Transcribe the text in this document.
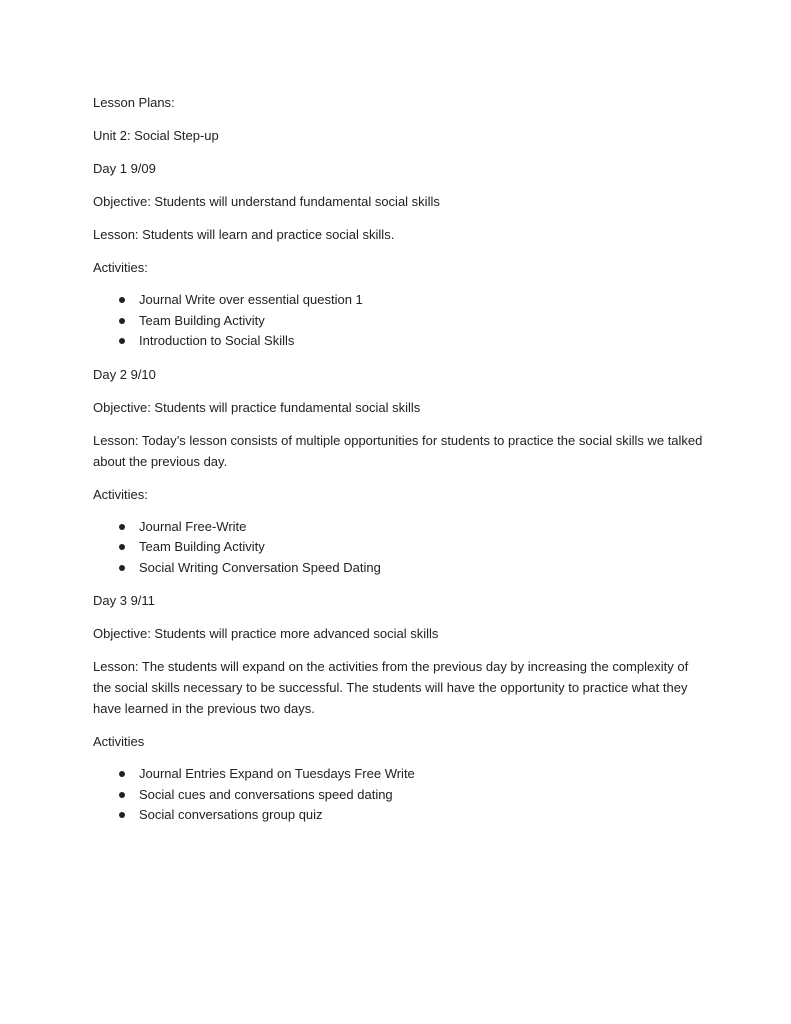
Lesson Plans:

Unit 2: Social Step-up

Day 1 9/09

Objective: Students will understand fundamental social skills

Lesson: Students will learn and practice social skills.

Activities:

Journal Write over essential question 1
Team Building Activity
Introduction to Social Skills

Day 2 9/10

Objective: Students will practice fundamental social skills

Lesson: Today’s lesson consists of multiple opportunities for students to practice the social skills we talked about the previous day.

Activities:

Journal Free-Write
Team Building Activity
Social Writing Conversation Speed Dating

Day 3 9/11

Objective: Students will practice more advanced social skills

Lesson: The students will expand on the activities from the previous day by increasing the complexity of the social skills necessary to be successful. The students will have the opportunity to practice what they have learned in the previous two days.

Activities

Journal Entries Expand on Tuesdays Free Write
Social cues and conversations speed dating
Social conversations group quiz
